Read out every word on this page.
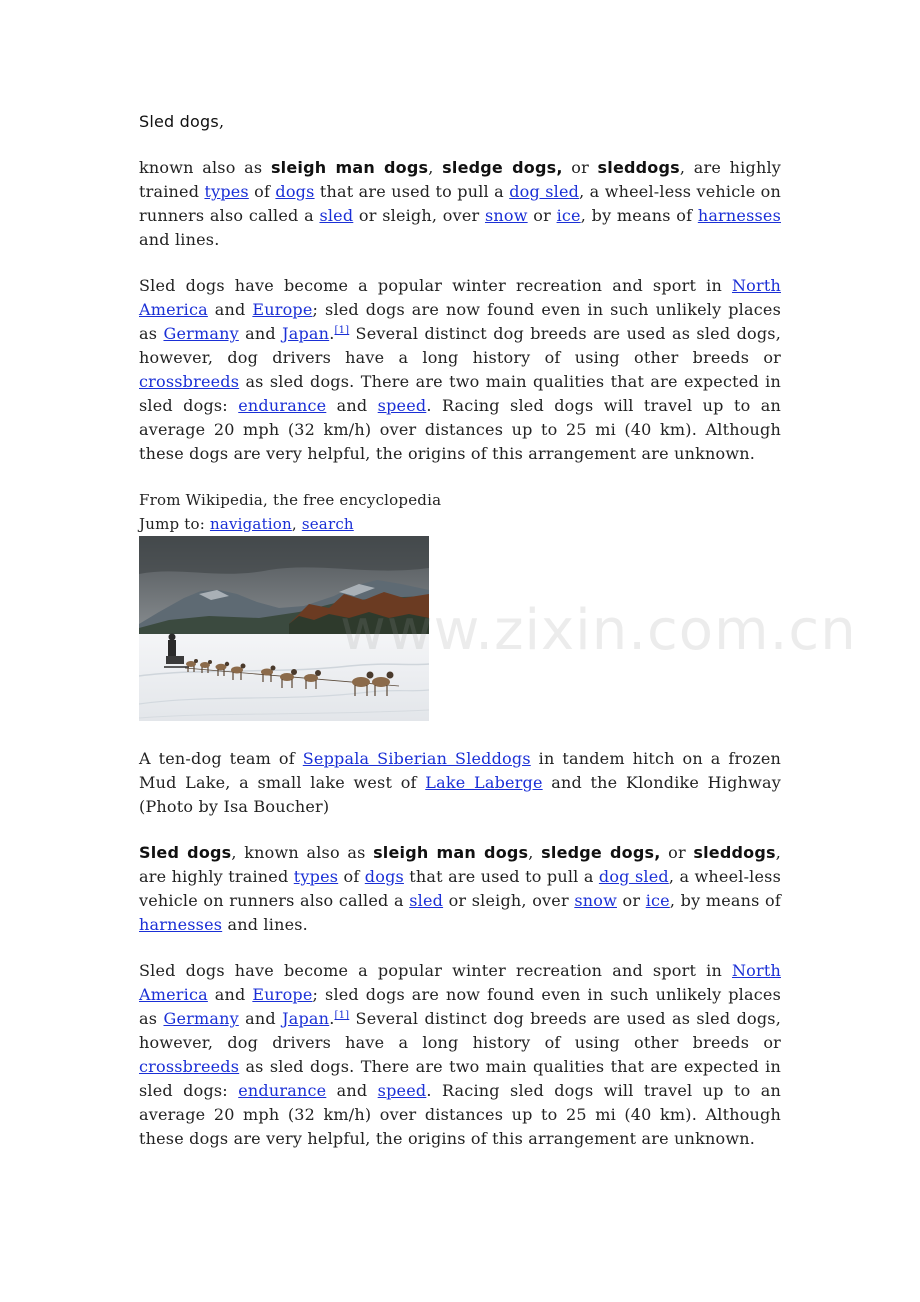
Sled dogs,

known also as sleigh man dogs, sledge dogs, or sleddogs, are highly trained types of dogs that are used to pull a dog sled, a wheel-less vehicle on runners also called a sled or sleigh, over snow or ice, by means of harnesses and lines.

Sled dogs have become a popular winter recreation and sport in North America and Europe; sled dogs are now found even in such unlikely places as Germany and Japan.[1] Several distinct dog breeds are used as sled dogs, however, dog drivers have a long history of using other breeds or crossbreeds as sled dogs. There are two main qualities that are expected in sled dogs: endurance and speed. Racing sled dogs will travel up to an average 20 mph (32 km/h) over distances up to 25 mi (40 km). Although these dogs are very helpful, the origins of this arrangement are unknown.

From Wikipedia, the free encyclopedia
Jump to: navigation, search

A ten-dog team of Seppala Siberian Sleddogs in tandem hitch on a frozen Mud Lake, a small lake west of Lake Laberge and the Klondike Highway (Photo by Isa Boucher)

Sled dogs, known also as sleigh man dogs, sledge dogs, or sleddogs, are highly trained types of dogs that are used to pull a dog sled, a wheel-less vehicle on runners also called a sled or sleigh, over snow or ice, by means of harnesses and lines.

Sled dogs have become a popular winter recreation and sport in North America and Europe; sled dogs are now found even in such unlikely places as Germany and Japan.[1] Several distinct dog breeds are used as sled dogs, however, dog drivers have a long history of using other breeds or crossbreeds as sled dogs. There are two main qualities that are expected in sled dogs: endurance and speed. Racing sled dogs will travel up to an average 20 mph (32 km/h) over distances up to 25 mi (40 km). Although these dogs are very helpful, the origins of this arrangement are unknown.

www.zixin.com.cn
